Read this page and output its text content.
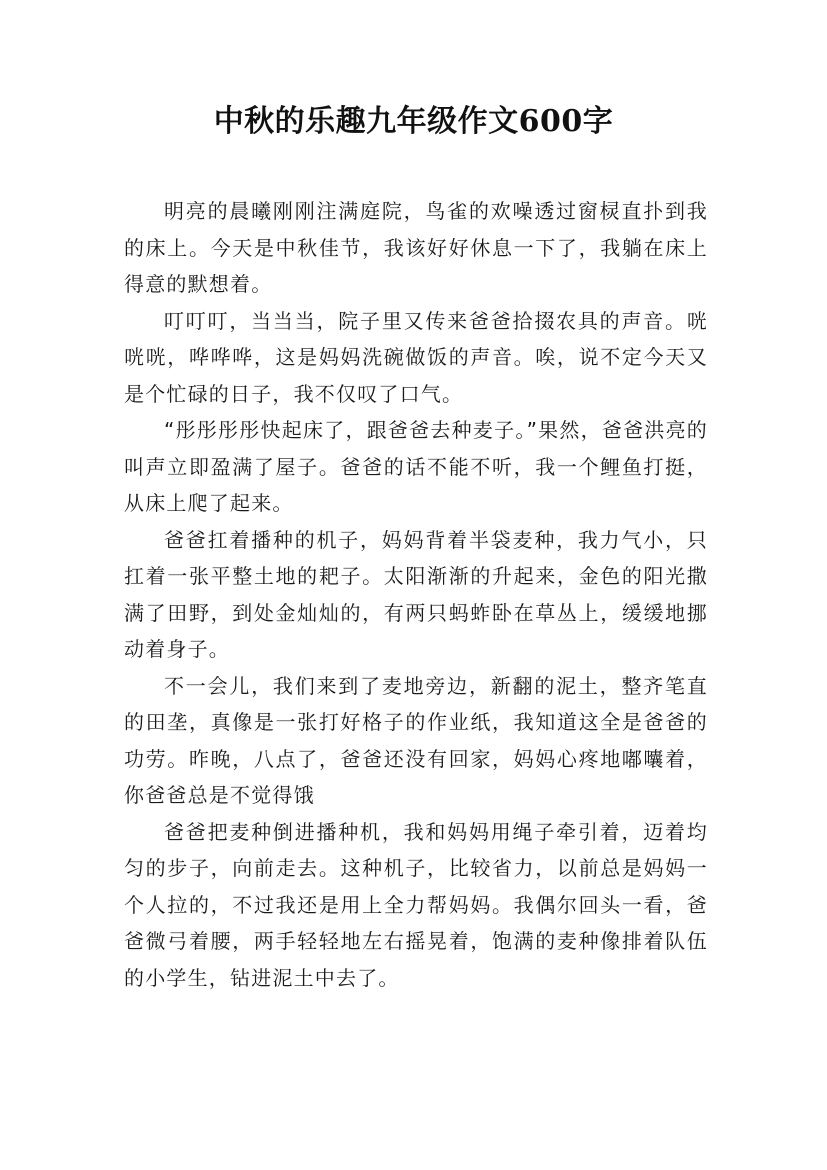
中秋的乐趣九年级作文600字

明亮的晨曦刚刚注满庭院，鸟雀的欢噪透过窗棂直扑到我的床上。今天是中秋佳节，我该好好休息一下了，我躺在床上得意的默想着。

叮叮叮，当当当，院子里又传来爸爸拾掇农具的声音。咣咣咣，哗哗哗，这是妈妈洗碗做饭的声音。唉，说不定今天又是个忙碌的日子，我不仅叹了口气。

“彤彤彤彤快起床了，跟爸爸去种麦子。”果然，爸爸洪亮的叫声立即盈满了屋子。爸爸的话不能不听，我一个鲤鱼打挺，从床上爬了起来。

爸爸扛着播种的机子，妈妈背着半袋麦种，我力气小，只扛着一张平整土地的耙子。太阳渐渐的升起来，金色的阳光撒满了田野，到处金灿灿的，有两只蚂蚱卧在草丛上，缓缓地挪动着身子。

不一会儿，我们来到了麦地旁边，新翻的泥土，整齐笔直的田垄，真像是一张打好格子的作业纸，我知道这全是爸爸的功劳。昨晚，八点了，爸爸还没有回家，妈妈心疼地嘟囔着，你爸爸总是不觉得饿

爸爸把麦种倒进播种机，我和妈妈用绳子牵引着，迈着均匀的步子，向前走去。这种机子，比较省力，以前总是妈妈一个人拉的，不过我还是用上全力帮妈妈。我偶尔回头一看，爸爸微弓着腰，两手轻轻地左右摇晃着，饱满的麦种像排着队伍的小学生，钻进泥土中去了。
